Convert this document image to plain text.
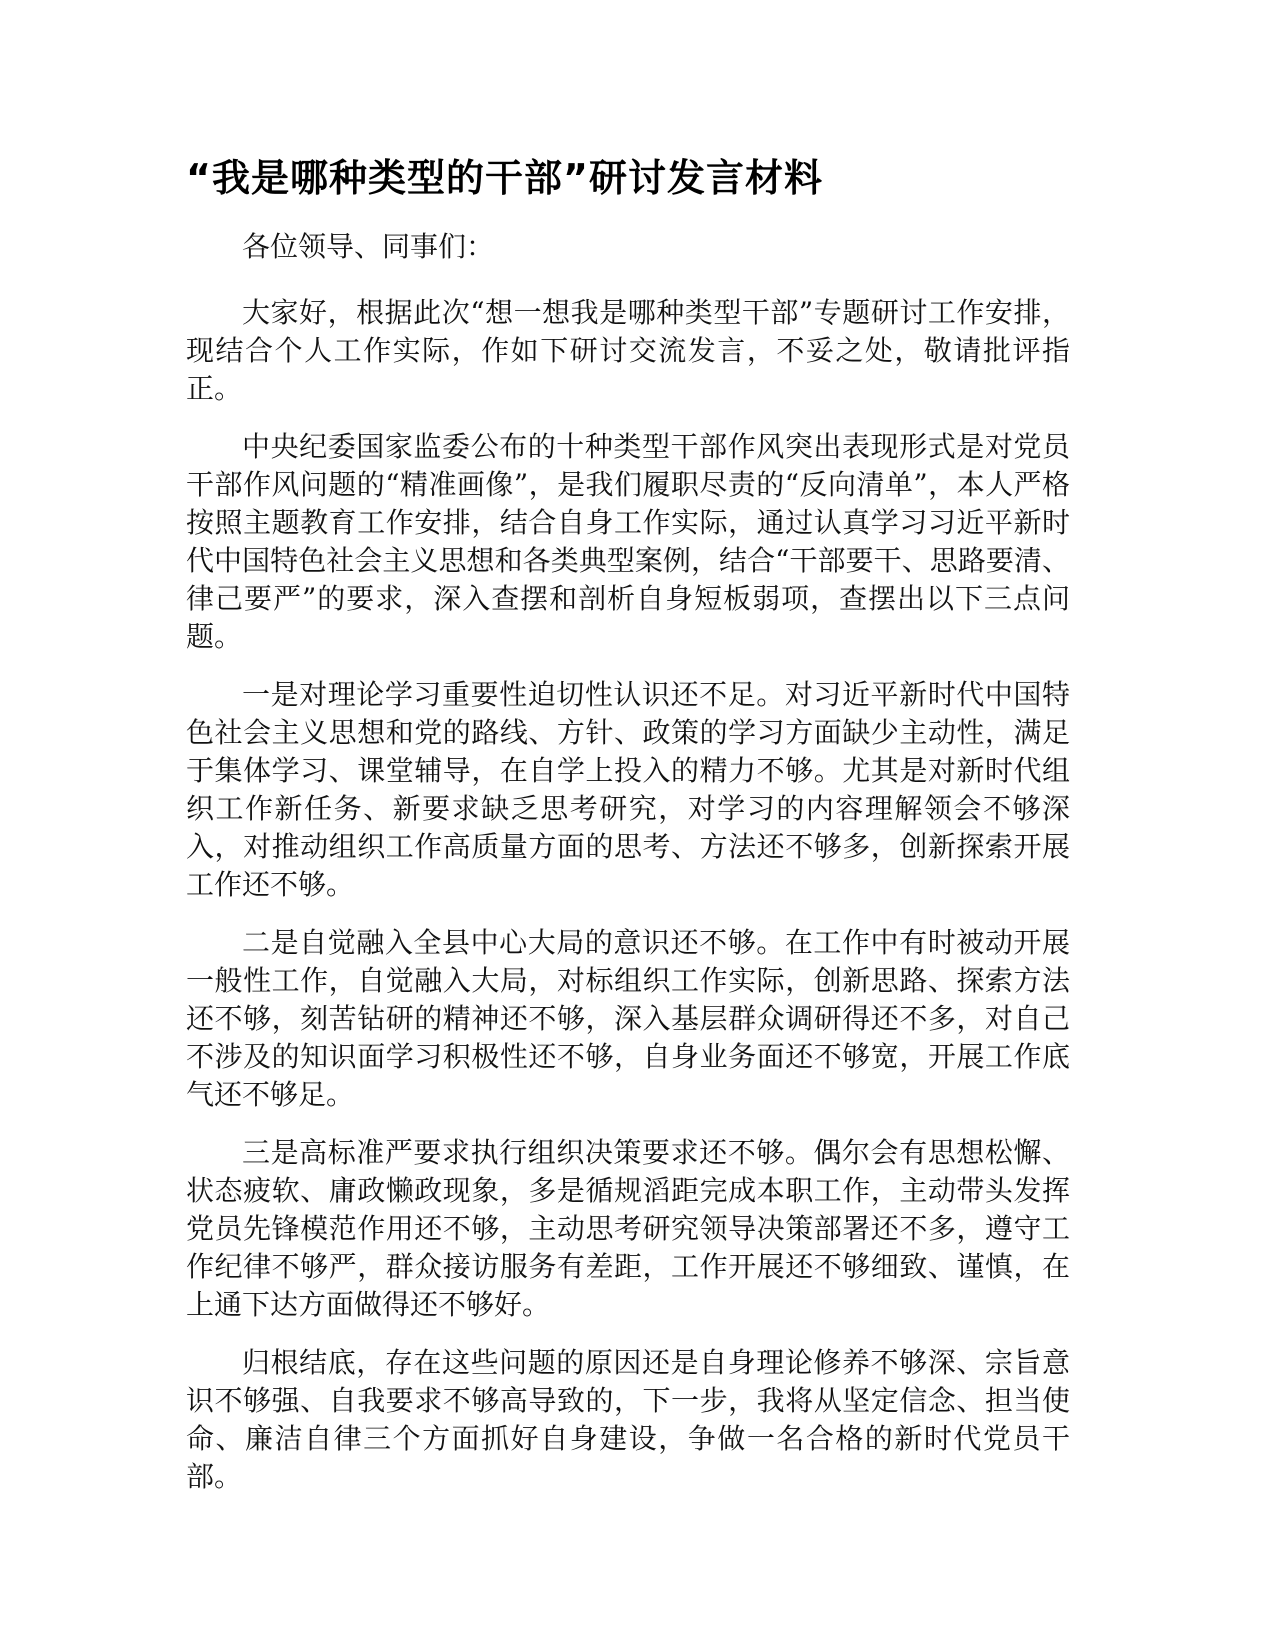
“我是哪种类型的干部”研讨发言材料

各位领导、同事们：

大家好，根据此次“想一想我是哪种类型干部”专题研讨工作安排，现结合个人工作实际，作如下研讨交流发言，不妥之处，敬请批评指正。

中央纪委国家监委公布的十种类型干部作风突出表现形式是对党员干部作风问题的“精准画像”，是我们履职尽责的“反向清单”，本人严格按照主题教育工作安排，结合自身工作实际，通过认真学习习近平新时代中国特色社会主义思想和各类典型案例，结合“干部要干、思路要清、律己要严”的要求，深入查摆和剖析自身短板弱项，查摆出以下三点问题。

一是对理论学习重要性迫切性认识还不足。对习近平新时代中国特色社会主义思想和党的路线、方针、政策的学习方面缺少主动性，满足于集体学习、课堂辅导，在自学上投入的精力不够。尤其是对新时代组织工作新任务、新要求缺乏思考研究，对学习的内容理解领会不够深入，对推动组织工作高质量方面的思考、方法还不够多，创新探索开展工作还不够。

二是自觉融入全县中心大局的意识还不够。在工作中有时被动开展一般性工作，自觉融入大局，对标组织工作实际，创新思路、探索方法还不够，刻苦钻研的精神还不够，深入基层群众调研得还不多，对自己不涉及的知识面学习积极性还不够，自身业务面还不够宽，开展工作底气还不够足。

三是高标准严要求执行组织决策要求还不够。偶尔会有思想松懈、状态疲软、庸政懒政现象，多是循规滔距完成本职工作，主动带头发挥党员先锋模范作用还不够，主动思考研究领导决策部署还不多，遵守工作纪律不够严，群众接访服务有差距，工作开展还不够细致、谨慎，在上通下达方面做得还不够好。

归根结底，存在这些问题的原因还是自身理论修养不够深、宗旨意识不够强、自我要求不够高导致的，下一步，我将从坚定信念、担当使命、廉洁自律三个方面抓好自身建设，争做一名合格的新时代党员干部。
